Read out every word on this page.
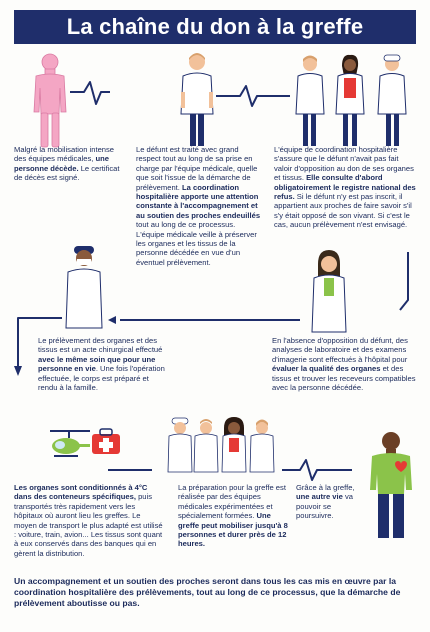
La chaîne du don à la greffe
Malgré la mobilisation intense des équipes médicales, une personne décède. Le certificat de décès est signé.
Le défunt est traité avec grand respect tout au long de sa prise en charge par l'équipe médicale, quelle que soit l'issue de la démarche de prélèvement. La coordination hospitalière apporte une attention constante à l'accompagnement et au soutien des proches endeuillés tout au long de ce processus. L'équipe médicale veille à préserver les organes et les tissus de la personne décédée en vue d'un éventuel prélèvement.
L'équipe de coordination hospitalière s'assure que le défunt n'avait pas fait valoir d'opposition au don de ses organes et tissus. Elle consulte d'abord obligatoirement le registre national des refus. Si le défunt n'y est pas inscrit, il appartient aux proches de faire savoir s'il s'y était opposé de son vivant. Si c'est le cas, aucun prélèvement n'est envisagé.
En l'absence d'opposition du défunt, des analyses de laboratoire et des examens d'imagerie sont effectués à l'hôpital pour évaluer la qualité des organes et des tissus et trouver les receveurs compatibles avec la personne décédée.
Le prélèvement des organes et des tissus est un acte chirurgical effectué avec le même soin que pour une personne en vie. Une fois l'opération effectuée, le corps est préparé et rendu à la famille.
Les organes sont conditionnés à 4°C dans des conteneurs spécifiques, puis transportés très rapidement vers les hôpitaux où auront lieu les greffes. Le moyen de transport le plus adapté est utilisé : voiture, train, avion... Les tissus sont quant à eux conservés dans des banques qui en gèrent la distribution.
La préparation pour la greffe est réalisée par des équipes médicales expérimentées et spécialement formées. Une greffe peut mobiliser jusqu'à 8 personnes et durer près de 12 heures.
Grâce à la greffe, une autre vie va pouvoir se poursuivre.
Un accompagnement et un soutien des proches seront dans tous les cas mis en œuvre par la coordination hospitalière des prélèvements, tout au long de ce processus, que la démarche de prélèvement aboutisse ou pas.
